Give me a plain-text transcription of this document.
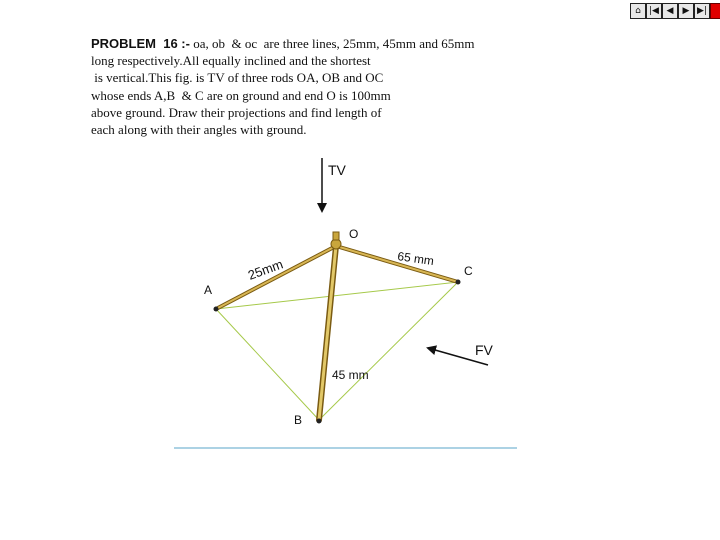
⌂ |◀ ◀	▶ ▶|
PROBLEM  16 :- oa, ob  & oc  are three lines, 25mm, 45mm and 65mm
long respectively.All equally inclined and the shortest
is vertical.This fig. is TV of three rods OA, OB and OC
whose ends A,B  & C are on ground and end O is 100mm
above ground. Draw their projections and find length of
each along with their angles with ground.
TV
O
A
B
C
FV
25mm	65 mm
45 mm
